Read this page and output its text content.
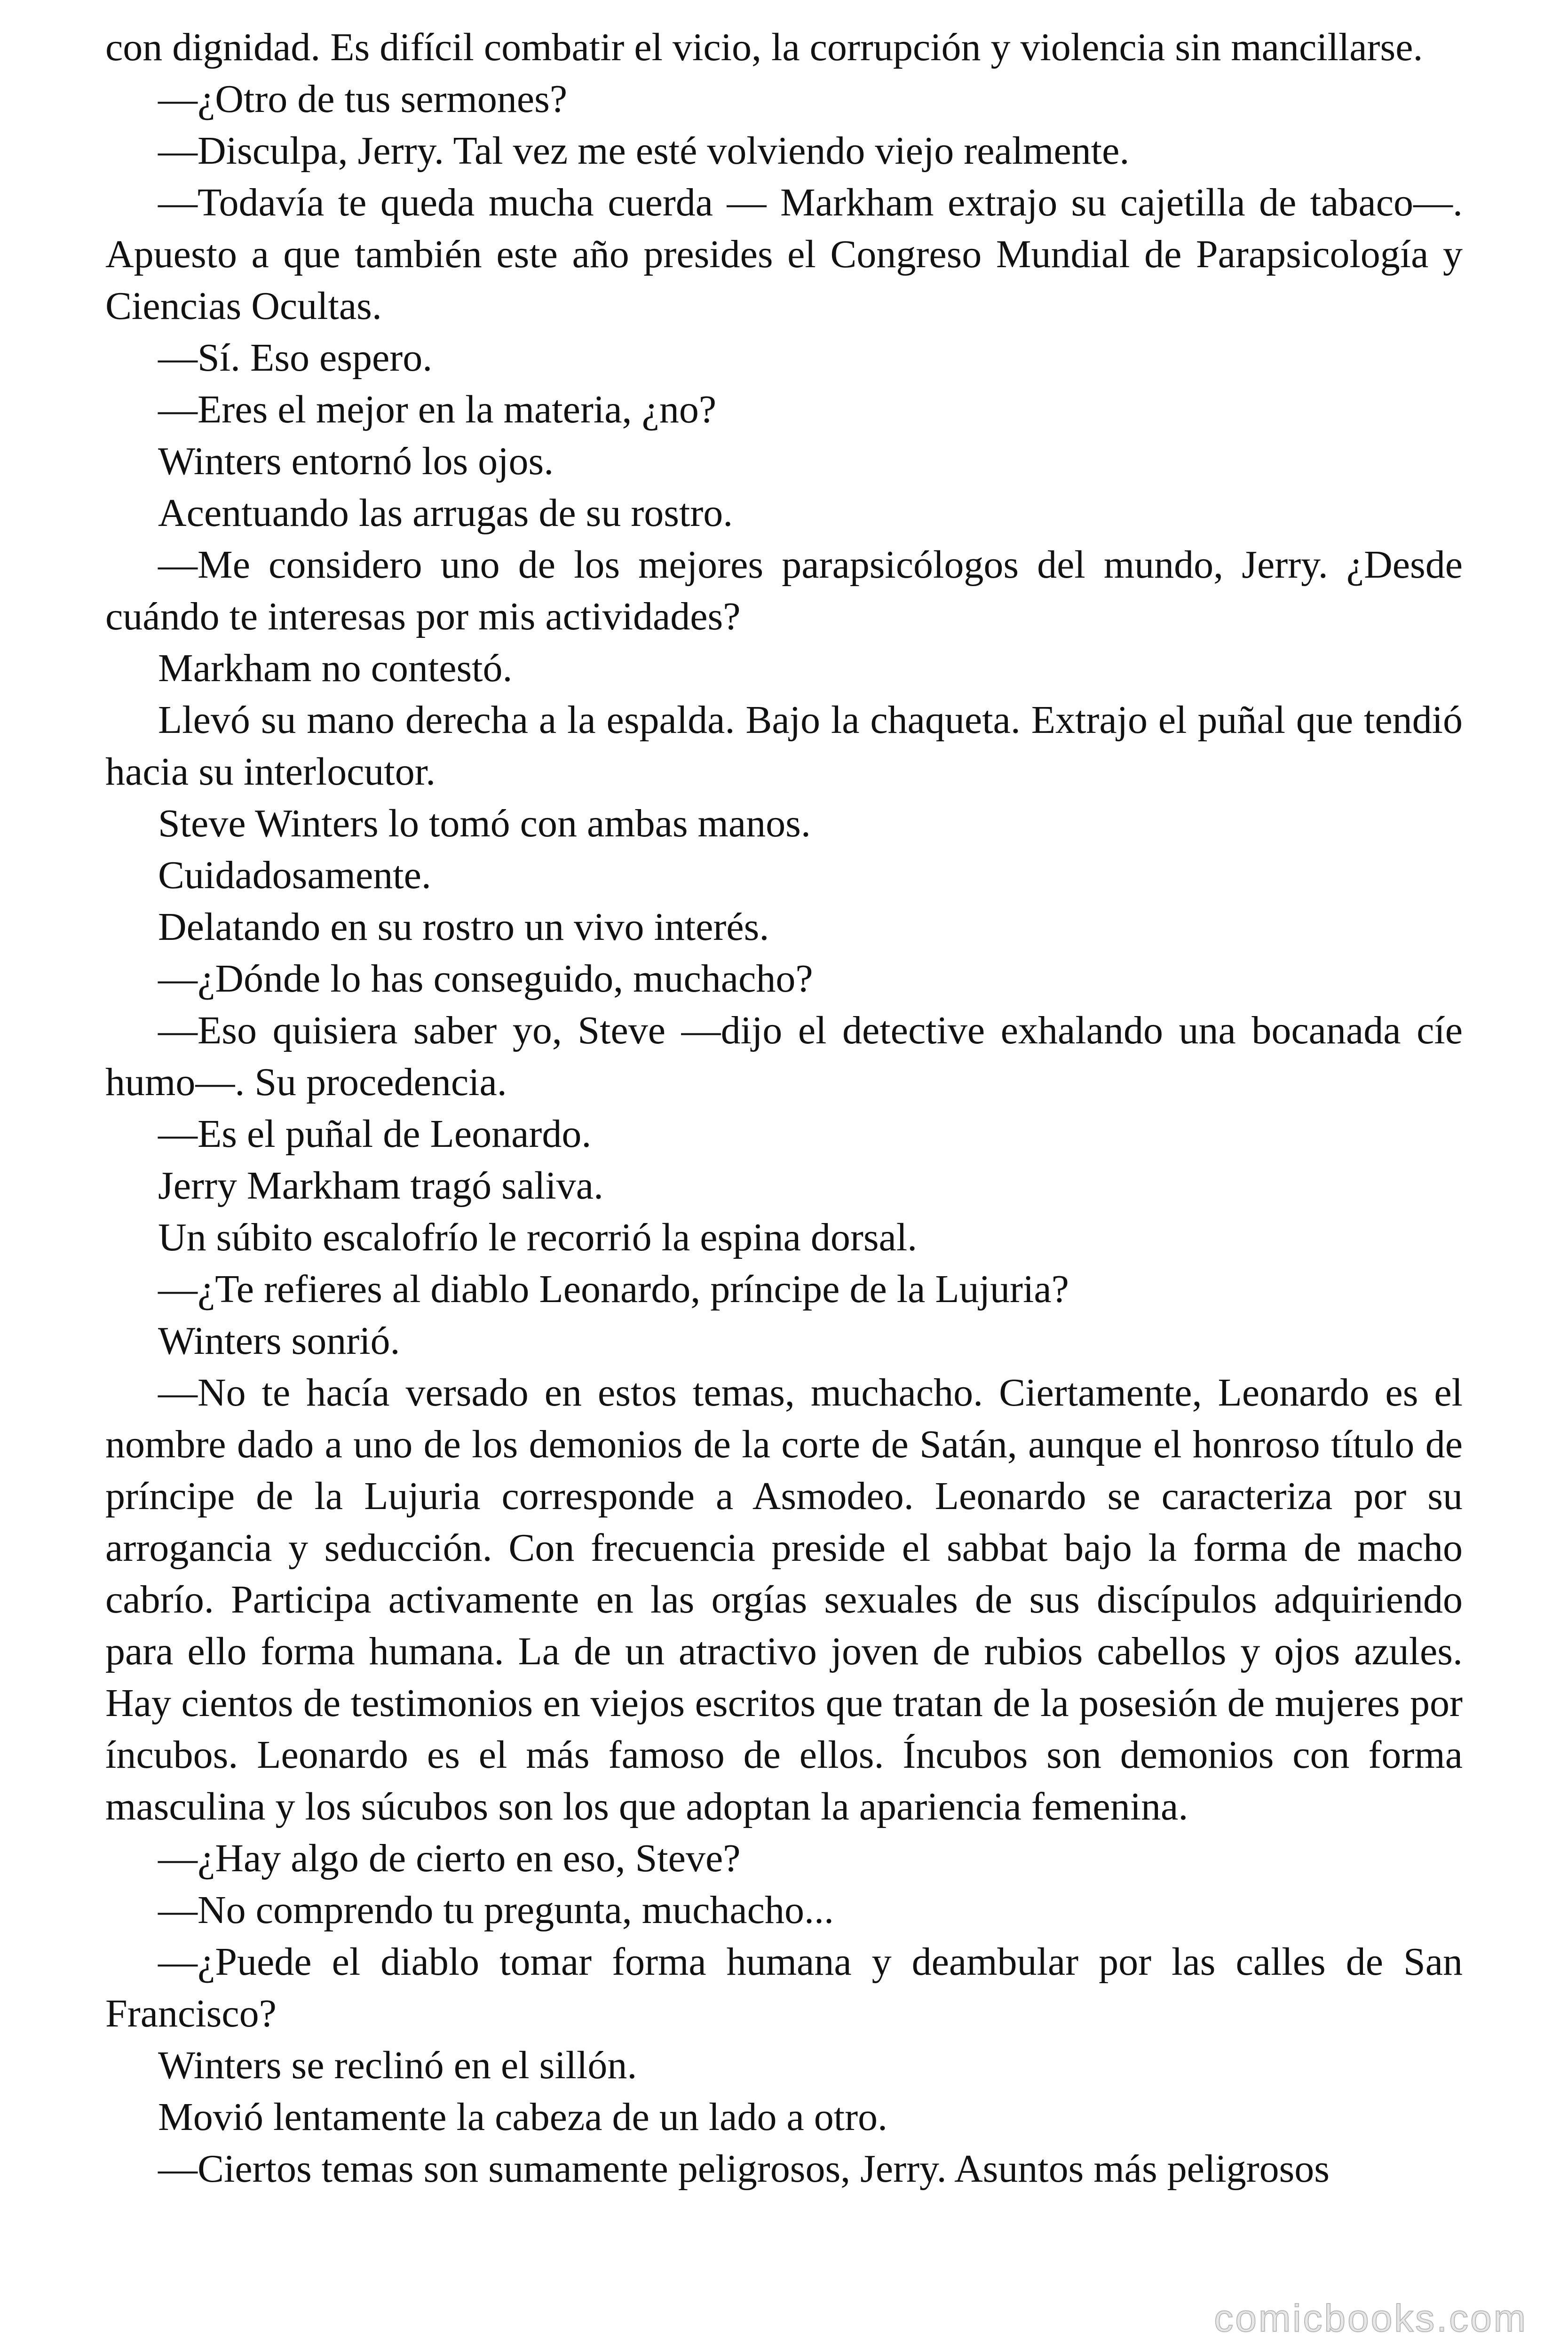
con dignidad. Es difícil combatir el vicio, la corrupción y violencia sin mancillarse.

—¿Otro de tus sermones?

—Disculpa, Jerry. Tal vez me esté volviendo viejo realmente.

—Todavía te queda mucha cuerda — Markham extrajo su cajetilla de tabaco—. Apuesto a que también este año presides el Congreso Mundial de Parapsicología y Ciencias Ocultas.

—Sí. Eso espero.

—Eres el mejor en la materia, ¿no?

Winters entornó los ojos.

Acentuando las arrugas de su rostro.

—Me considero uno de los mejores parapsicólogos del mundo, Jerry. ¿Desde cuándo te interesas por mis actividades?

Markham no contestó.

Llevó su mano derecha a la espalda. Bajo la chaqueta. Extrajo el puñal que tendió hacia su interlocutor.

Steve Winters lo tomó con ambas manos.

Cuidadosamente.

Delatando en su rostro un vivo interés.

—¿Dónde lo has conseguido, muchacho?

—Eso quisiera saber yo, Steve —dijo el detective exhalando una bocanada cíe humo—. Su procedencia.

—Es el puñal de Leonardo.

Jerry Markham tragó saliva.

Un súbito escalofrío le recorrió la espina dorsal.

—¿Te refieres al diablo Leonardo, príncipe de la Lujuria?

Winters sonrió.

—No te hacía versado en estos temas, muchacho. Ciertamente, Leonardo es el nombre dado a uno de los demonios de la corte de Satán, aunque el honroso título de príncipe de la Lujuria corresponde a Asmodeo. Leonardo se caracteriza por su arrogancia y seducción. Con frecuencia preside el sabbat bajo la forma de macho cabrío. Participa activamente en las orgías sexuales de sus discípulos adquiriendo para ello forma humana. La de un atractivo joven de rubios cabellos y ojos azules. Hay cientos de testimonios en viejos escritos que tratan de la posesión de mujeres por íncubos. Leonardo es el más famoso de ellos. Íncubos son demonios con forma masculina y los súcubos son los que adoptan la apariencia femenina.

—¿Hay algo de cierto en eso, Steve?

—No comprendo tu pregunta, muchacho...

—¿Puede el diablo tomar forma humana y deambular por las calles de San Francisco?

Winters se reclinó en el sillón.

Movió lentamente la cabeza de un lado a otro.

—Ciertos temas son sumamente peligrosos, Jerry. Asuntos más peligrosos

comicbooks.com
